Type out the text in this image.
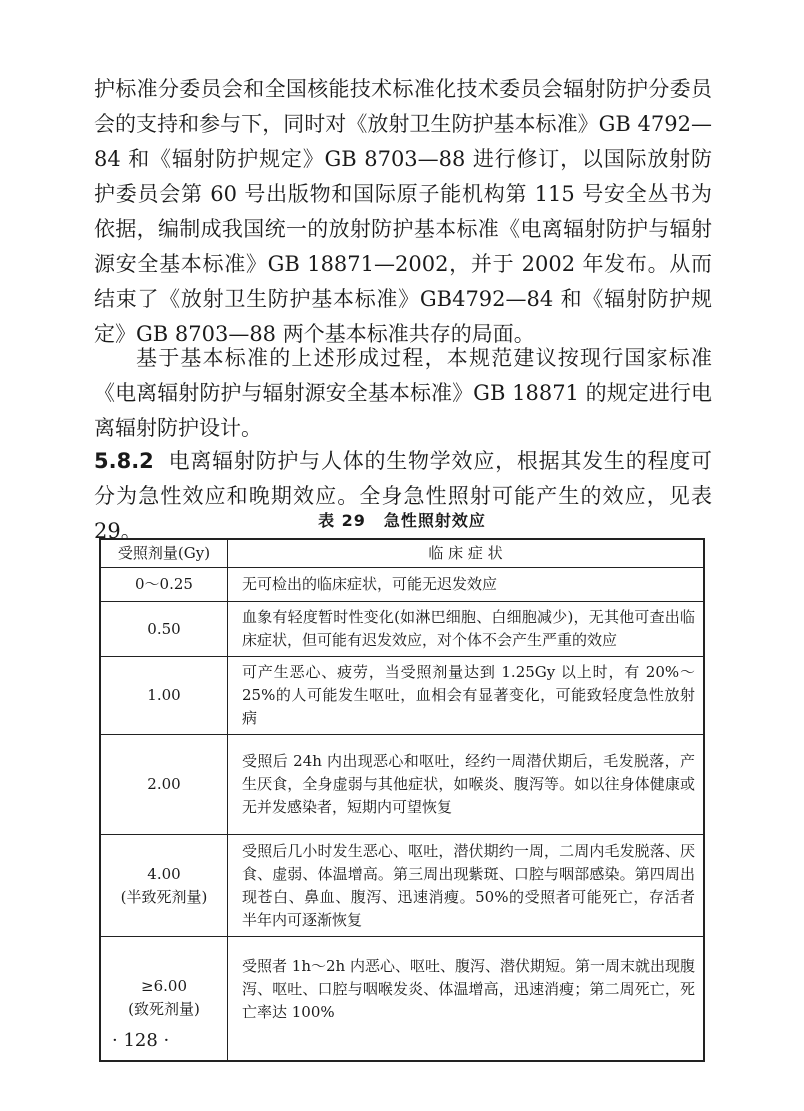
护标准分委员会和全国核能技术标准化技术委员会辐射防护分委员会的支持和参与下，同时对《放射卫生防护基本标准》GB 4792—84 和《辐射防护规定》GB 8703—88 进行修订，以国际放射防护委员会第 60 号出版物和国际原子能机构第 115 号安全丛书为依据，编制成我国统一的放射防护基本标准《电离辐射防护与辐射源安全基本标准》GB 18871—2002，并于 2002 年发布。从而结束了《放射卫生防护基本标准》GB4792—84 和《辐射防护规定》GB 8703—88 两个基本标准共存的局面。

基于基本标准的上述形成过程，本规范建议按现行国家标准《电离辐射防护与辐射源安全基本标准》GB 18871 的规定进行电离辐射防护设计。

5.8.2 电离辐射防护与人体的生物学效应，根据其发生的程度可分为急性效应和晚期效应。全身急性照射可能产生的效应，见表 29。	表 29 急性照射效应
受照剂量(Gy)	临 床 症 状
0～0.25	无可检出的临床症状，可能无迟发效应
0.50	血象有轻度暂时性变化(如淋巴细胞、白细胞减少)，无其他可查出临床症状，但可能有迟发效应，对个体不会产生严重的效应
1.00	可产生恶心、疲劳，当受照剂量达到 1.25Gy 以上时，有 20%～25%的人可能发生呕吐，血相会有显著变化，可能致轻度急性放射病
2.00	受照后 24h 内出现恶心和呕吐，经约一周潜伏期后，毛发脱落，产生厌食，全身虚弱与其他症状，如喉炎、腹泻等。如以往身体健康或无并发感染者，短期内可望恢复
4.00
(半致死剂量)	受照后几小时发生恶心、呕吐，潜伏期约一周，二周内毛发脱落、厌食、虚弱、体温增高。第三周出现紫斑、口腔与咽部感染。第四周出现苍白、鼻血、腹泻、迅速消瘦。50%的受照者可能死亡，存活者半年内可逐渐恢复
≥6.00
(致死剂量)	受照者 1h～2h 内恶心、呕吐、腹泻、潜伏期短。第一周末就出现腹泻、呕吐、口腔与咽喉发炎、体温增高，迅速消瘦；第二周死亡，死亡率达 100%
· 128 ·
